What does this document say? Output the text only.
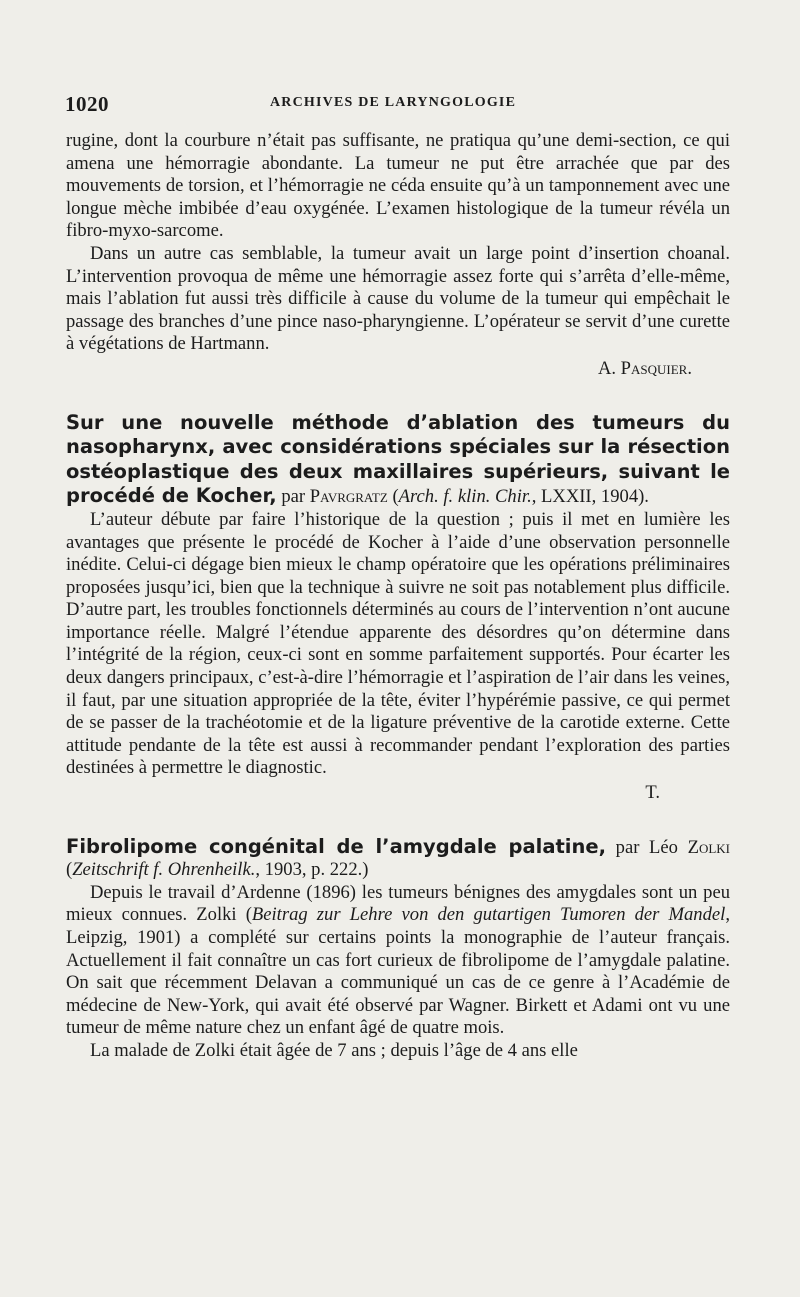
1020	ARCHIVES DE LARYNGOLOGIE

rugine, dont la courbure n’était pas suffisante, ne pratiqua qu’une demi-section, ce qui amena une hémorragie abondante. La tumeur ne put être arrachée que par des mouvements de torsion, et l’hémorragie ne céda ensuite qu’à un tamponnement avec une longue mèche imbibée d’eau oxygénée. L’examen histologique de la tumeur révéla un fibro-myxo-sarcome.

Dans un autre cas semblable, la tumeur avait un large point d’insertion choanal. L’intervention provoqua de même une hémorragie assez forte qui s’arrêta d’elle-même, mais l’ablation fut aussi très difficile à cause du volume de la tumeur qui empêchait le passage des branches d’une pince naso-pharyngienne. L’opérateur se servit d’une curette à végétations de Hartmann.

A. Pasquier.

Sur une nouvelle méthode d’ablation des tumeurs du nasopharynx, avec considérations spéciales sur la résection ostéoplastique des deux maxillaires supérieurs, suivant le procédé de Kocher, par Pavrgratz (Arch. f. klin. Chir., LXXII, 1904).

L’auteur débute par faire l’historique de la question ; puis il met en lumière les avantages que présente le procédé de Kocher à l’aide d’une observation personnelle inédite. Celui-ci dégage bien mieux le champ opératoire que les opérations préliminaires proposées jusqu’ici, bien que la technique à suivre ne soit pas notablement plus difficile. D’autre part, les troubles fonctionnels déterminés au cours de l’intervention n’ont aucune importance réelle. Malgré l’étendue apparente des désordres qu’on détermine dans l’intégrité de la région, ceux-ci sont en somme parfaitement supportés. Pour écarter les deux dangers principaux, c’est-à-dire l’hémorragie et l’aspiration de l’air dans les veines, il faut, par une situation appropriée de la tête, éviter l’hypérémie passive, ce qui permet de se passer de la trachéotomie et de la ligature préventive de la carotide externe. Cette attitude pendante de la tête est aussi à recommander pendant l’exploration des parties destinées à permettre le diagnostic.

T.

Fibrolipome congénital de l’amygdale palatine, par Léo Zolki (Zeitschrift f. Ohrenheilk., 1903, p. 222.)

Depuis le travail d’Ardenne (1896) les tumeurs bénignes des amygdales sont un peu mieux connues. Zolki (Beitrag zur Lehre von den gutartigen Tumoren der Mandel, Leipzig, 1901) a complété sur certains points la monographie de l’auteur français. Actuellement il fait connaître un cas fort curieux de fibrolipome de l’amygdale palatine. On sait que récemment Delavan a communiqué un cas de ce genre à l’Académie de médecine de New-York, qui avait été observé par Wagner. Birkett et Adami ont vu une tumeur de même nature chez un enfant âgé de quatre mois.

La malade de Zolki était âgée de 7 ans ; depuis l’âge de 4 ans elle
